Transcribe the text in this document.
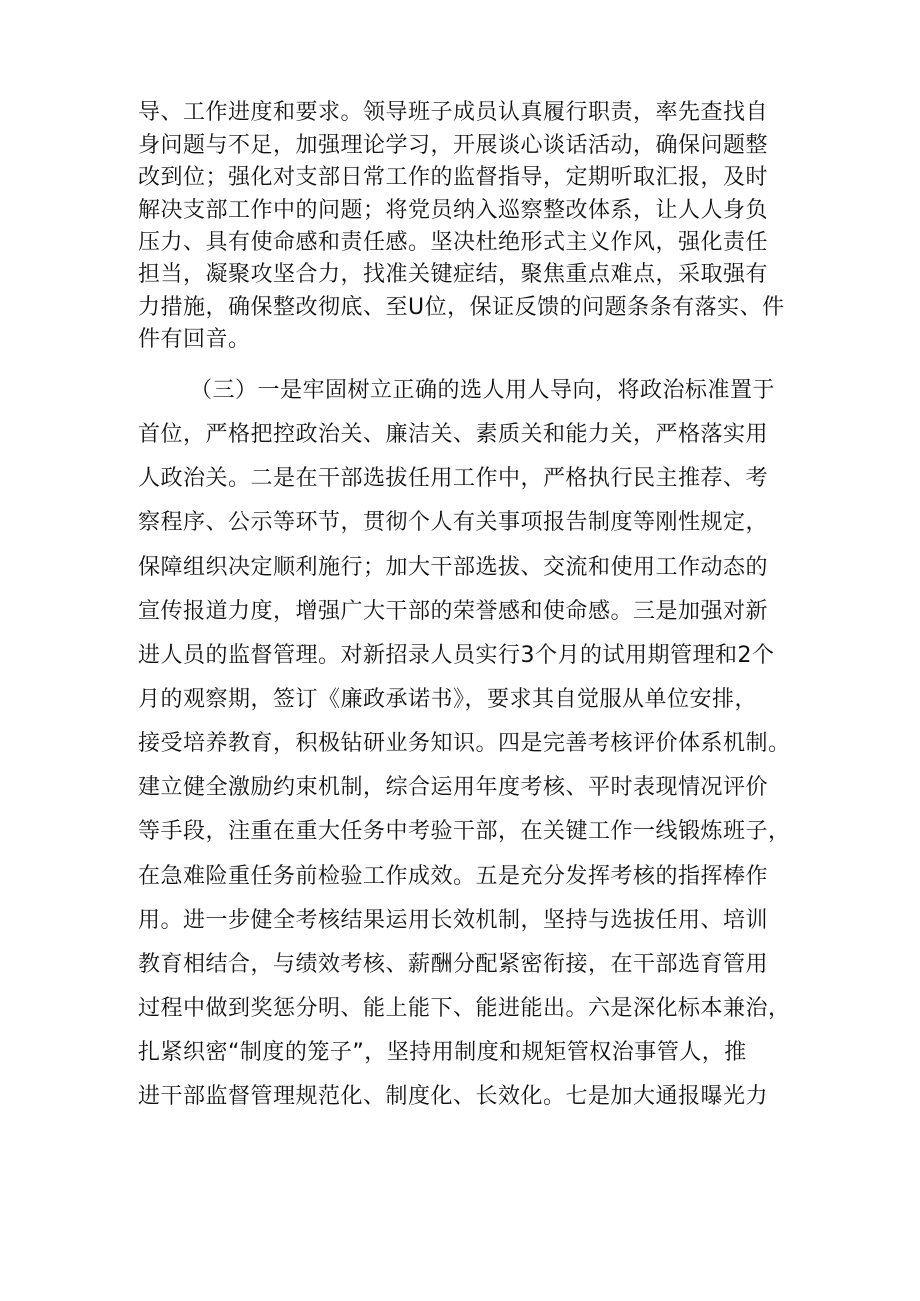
导、工作进度和要求。领导班子成员认真履行职责，率先查找自
身问题与不足，加强理论学习，开展谈心谈话活动，确保问题整
改到位；强化对支部日常工作的监督指导，定期听取汇报，及时
解决支部工作中的问题；将党员纳入巡察整改体系，让人人身负
压力、具有使命感和责任感。坚决杜绝形式主义作风，强化责任
担当，凝聚攻坚合力，找准关键症结，聚焦重点难点，采取强有
力措施，确保整改彻底、至U位，保证反馈的问题条条有落实、件
件有回音。
（三）一是牢固树立正确的选人用人导向，将政治标准置于
首位，严格把控政治关、廉洁关、素质关和能力关，严格落实用
人政治关。二是在干部选拔任用工作中，严格执行民主推荐、考
察程序、公示等环节，贯彻个人有关事项报告制度等刚性规定，
保障组织决定顺利施行；加大干部选拔、交流和使用工作动态的
宣传报道力度，增强广大干部的荣誉感和使命感。三是加强对新
进人员的监督管理。对新招录人员实行3个月的试用期管理和2个
月的观察期，签订《廉政承诺书》，要求其自觉服从单位安排，
接受培养教育，积极钻研业务知识。四是完善考核评价体系机制。
建立健全激励约束机制，综合运用年度考核、平时表现情况评价
等手段，注重在重大任务中考验干部，在关键工作一线锻炼班子，
在急难险重任务前检验工作成效。五是充分发挥考核的指挥棒作
用。进一步健全考核结果运用长效机制，坚持与选拔任用、培训
教育相结合，与绩效考核、薪酬分配紧密衔接，在干部选育管用
过程中做到奖惩分明、能上能下、能进能出。六是深化标本兼治，
扎紧织密“制度的笼子”，坚持用制度和规矩管权治事管人，推
进干部监督管理规范化、制度化、长效化。七是加大通报曝光力
